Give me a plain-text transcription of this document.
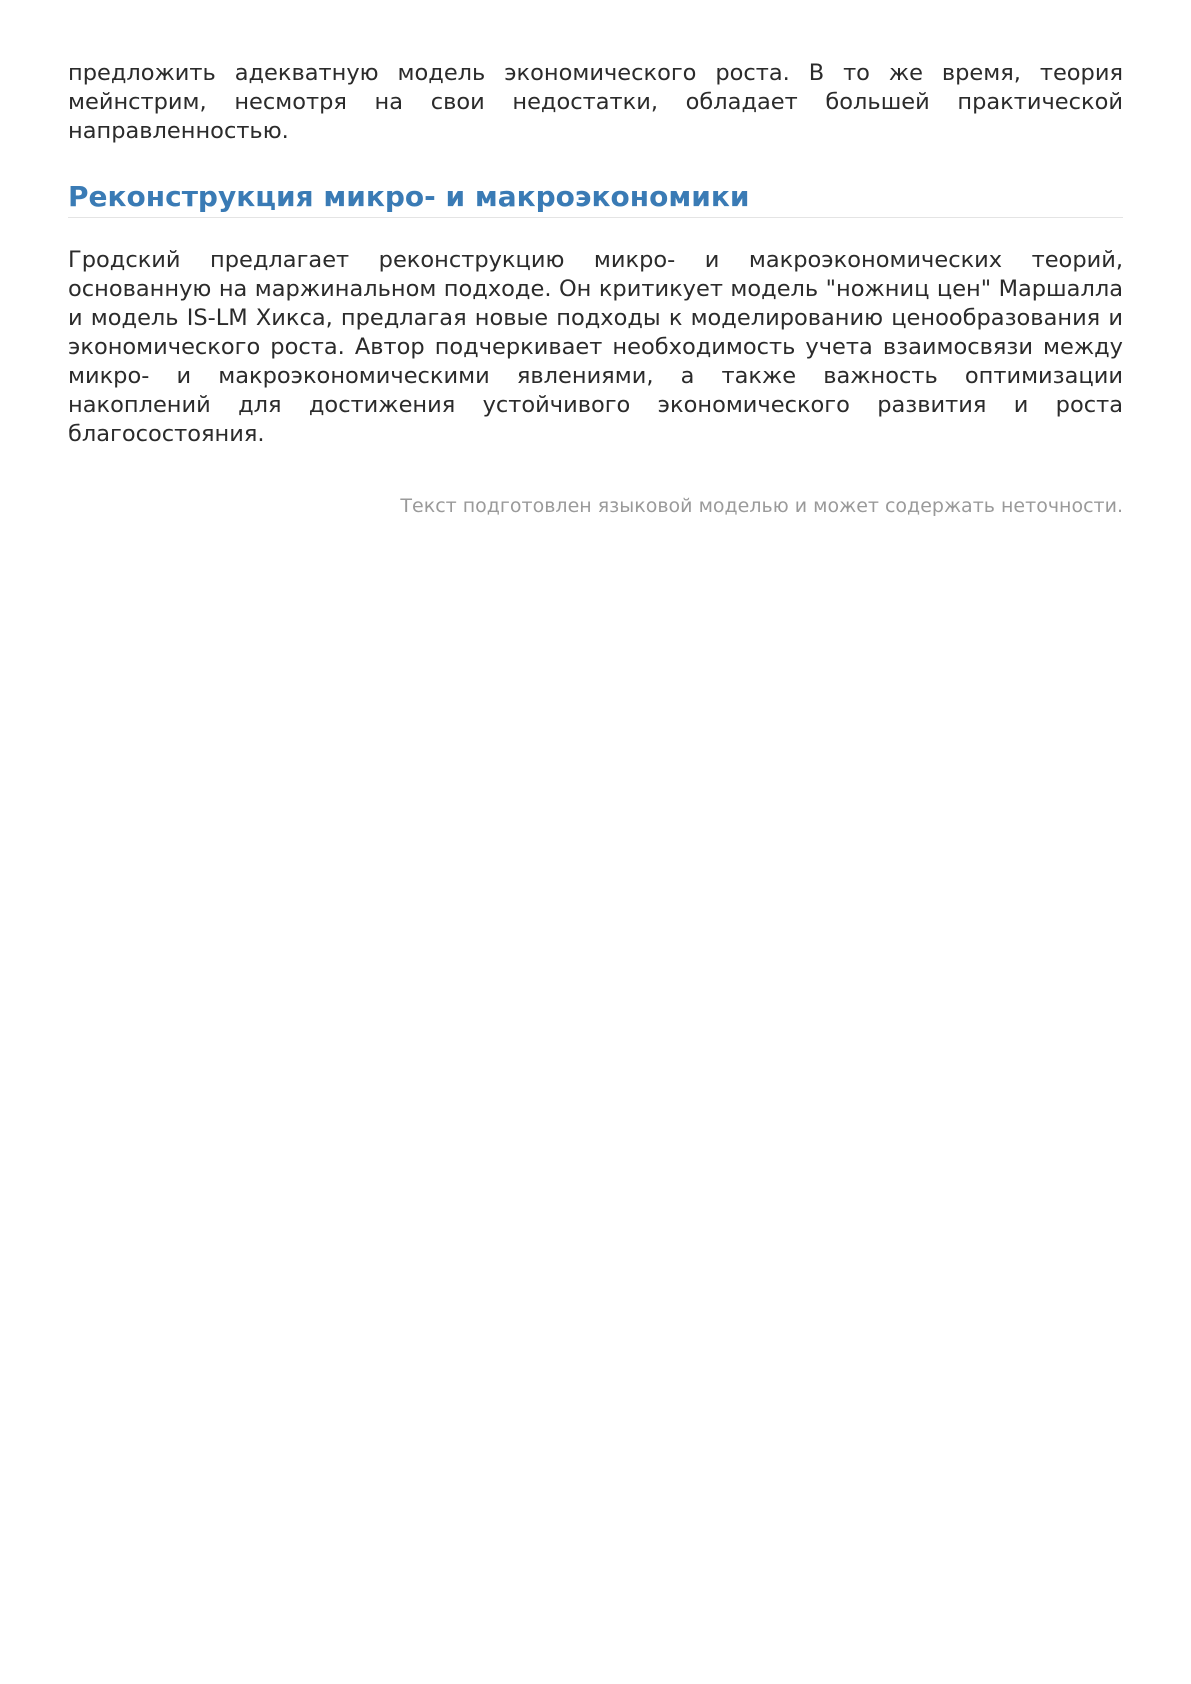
предложить адекватную модель экономического роста. В то же время, теория мейнстрим, несмотря на свои недостатки, обладает большей практической направленностью.

Реконструкция микро- и макроэкономики

Гродский предлагает реконструкцию микро- и макроэкономических теорий, основанную на маржинальном подходе. Он критикует модель "ножниц цен" Маршалла и модель IS-LM Хикса, предлагая новые подходы к моделированию ценообразования и экономического роста. Автор подчеркивает необходимость учета взаимосвязи между микро- и макроэкономическими явлениями, а также важность оптимизации накоплений для достижения устойчивого экономического развития и роста благосостояния.

Текст подготовлен языковой моделью и может содержать неточности.
